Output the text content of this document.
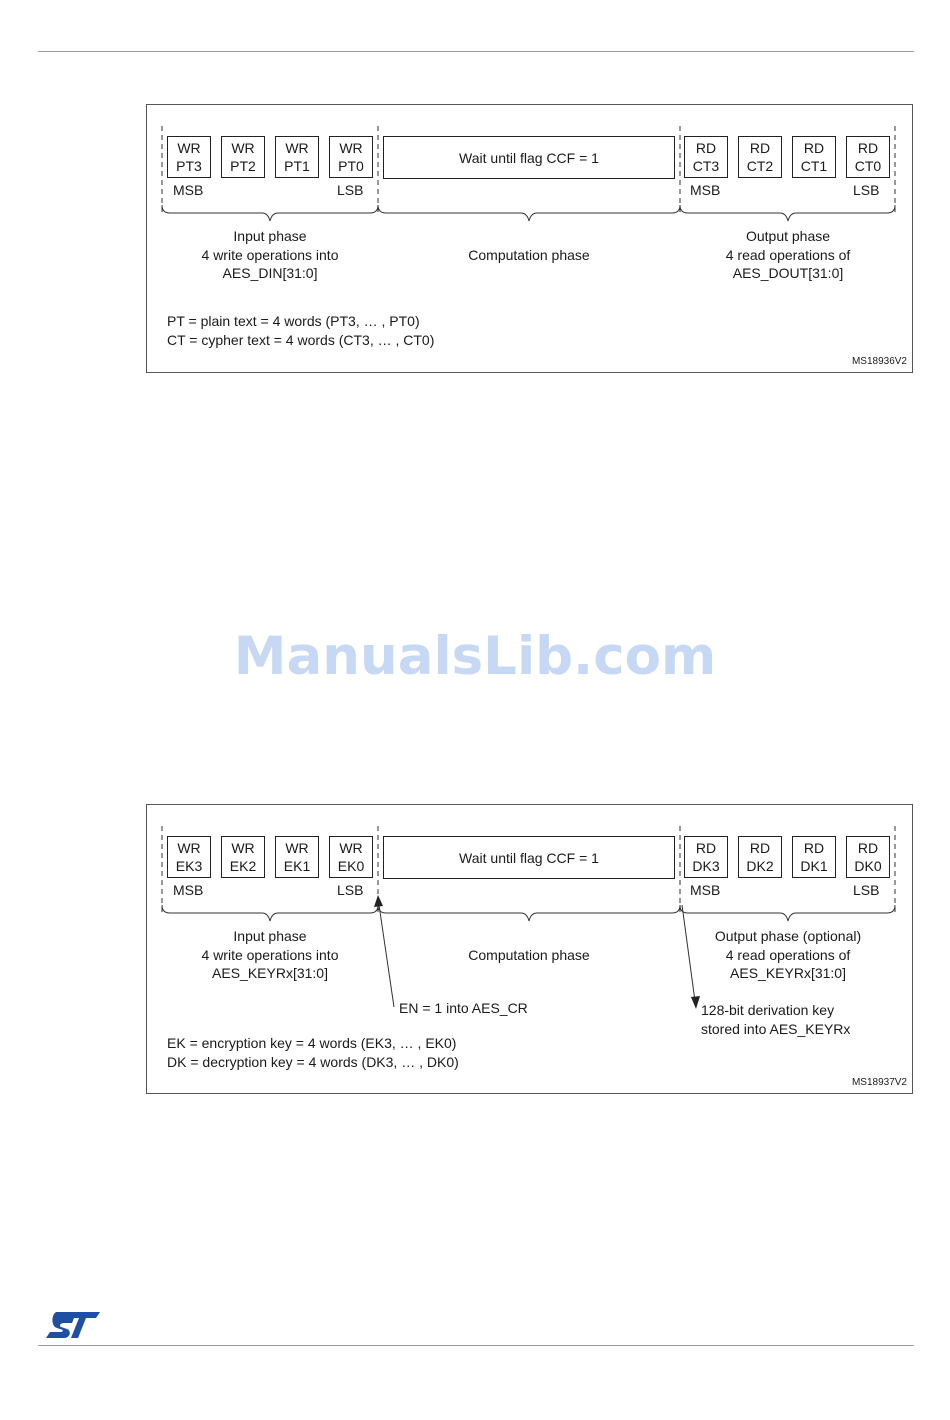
WR
PT3
WR
PT2
WR
PT1
WR
PT0
Wait until flag CCF = 1
RD
CT3
RD
CT2
RD
CT1
RD
CT0
MSB	LSB	MSB	LSB
Input phase
4 write operations into
AES_DIN[31:0]
Computation phase
Output phase
4 read operations of
AES_DOUT[31:0]
PT = plain text = 4 words (PT3, … , PT0)
CT = cypher text = 4 words (CT3, … , CT0)
MS18936V2
ManualsLib.com
WR
EK3
WR
EK2
WR
EK1
WR
EK0
Wait until flag CCF = 1
RD
DK3
RD
DK2
RD
DK1
RD
DK0
MSB	LSB	MSB	LSB
Input phase
4 write operations into
AES_KEYRx[31:0]
Computation phase
Output phase (optional)
4 read operations of
AES_KEYRx[31:0]
EN = 1 into AES_CR	128-bit derivation key
stored into AES_KEYRx
EK = encryption key = 4 words (EK3, … , EK0)
DK = decryption key = 4 words (DK3, … , DK0)
MS18937V2
